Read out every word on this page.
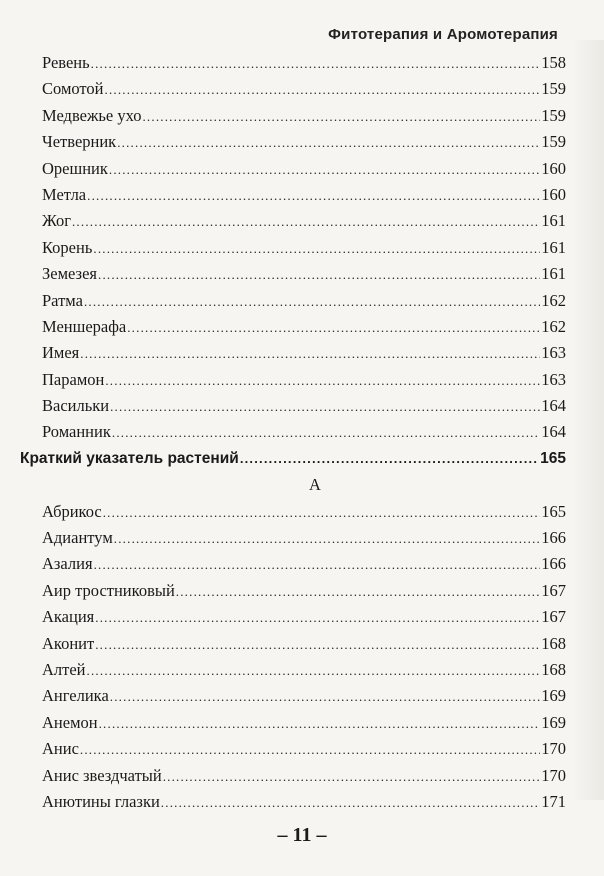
Фитотерапия и Аромотерапия
Ревень .....	158
Сомотой .....	159
Медвежье ухо .....	159
Четверник .....	159
Орешник .....	160
Метла .....	160
Жог .....	161
Корень .....	161
Земезея .....	161
Ратма .....	162
Меншерафа .....	162
Имея .....	163
Парамон .....	163
Васильки .....	164
Романник .....	164
Краткий указатель растений .....	165
А
Абрикос .....	165
Адиантум .....	166
Азалия .....	166
Аир тростниковый .....	167
Акация .....	167
Аконит .....	168
Алтей .....	168
Ангелика .....	169
Анемон .....	169
Анис .....	170
Анис звездчатый .....	170
Анютины глазки .....	171
– 11 –
